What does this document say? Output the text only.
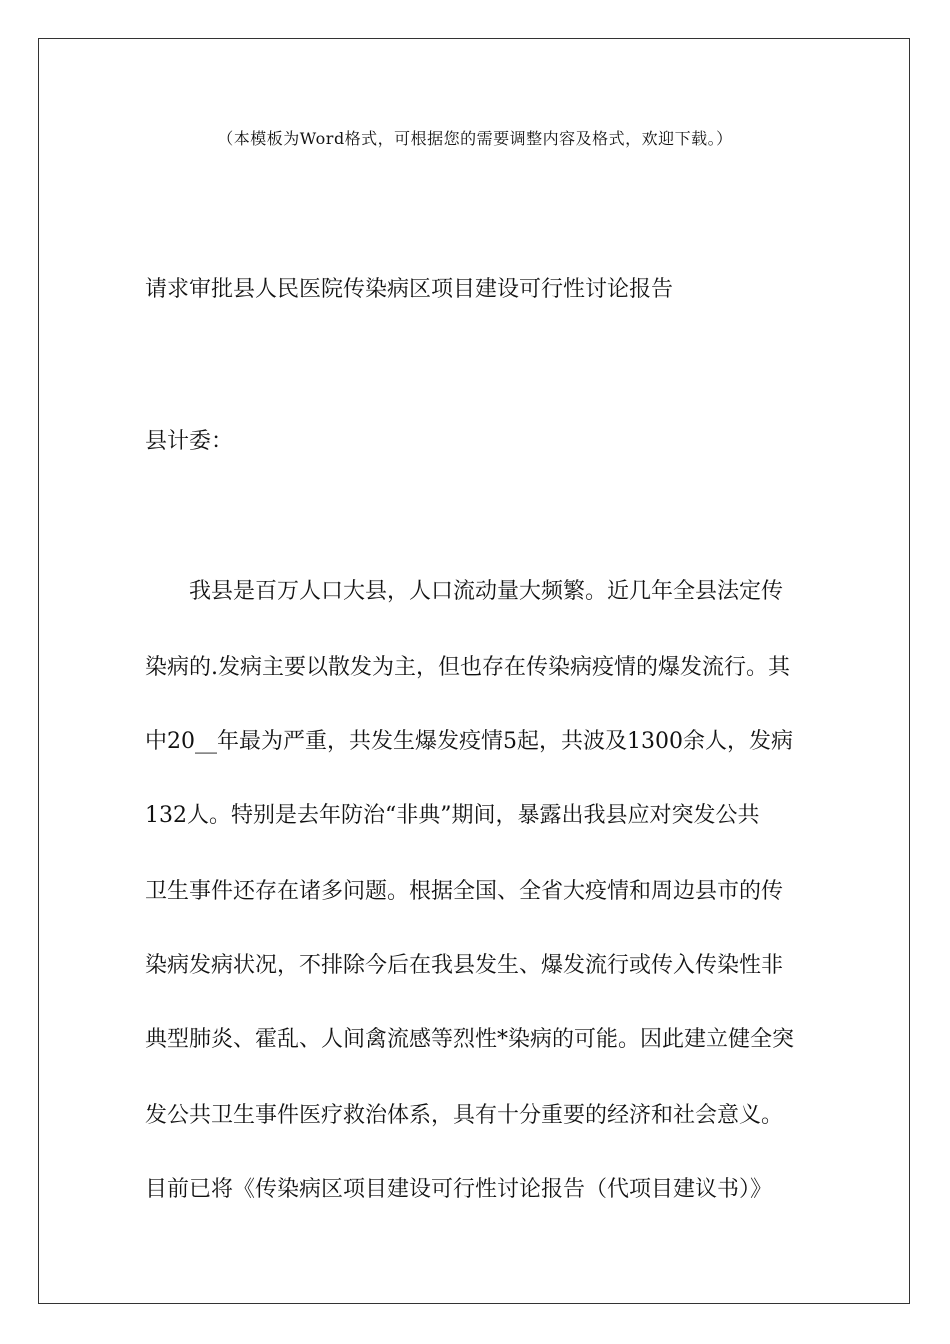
（本模板为Word格式，可根据您的需要调整内容及格式，欢迎下载。）
请求审批县人民医院传染病区项目建设可行性讨论报告
县计委：
我县是百万人口大县，人口流动量大频繁。近几年全县法定传
染病的.发病主要以散发为主，但也存在传染病疫情的爆发流行。其
中20__年最为严重，共发生爆发疫情5起，共波及1300余人，发病
132人。特别是去年防治“非典”期间，暴露出我县应对突发公共
卫生事件还存在诸多问题。根据全国、全省大疫情和周边县市的传
染病发病状况，不排除今后在我县发生、爆发流行或传入传染性非
典型肺炎、霍乱、人间禽流感等烈性*染病的可能。因此建立健全突
发公共卫生事件医疗救治体系，具有十分重要的经济和社会意义。
目前已将《传染病区项目建设可行性讨论报告（代项目建议书）》
